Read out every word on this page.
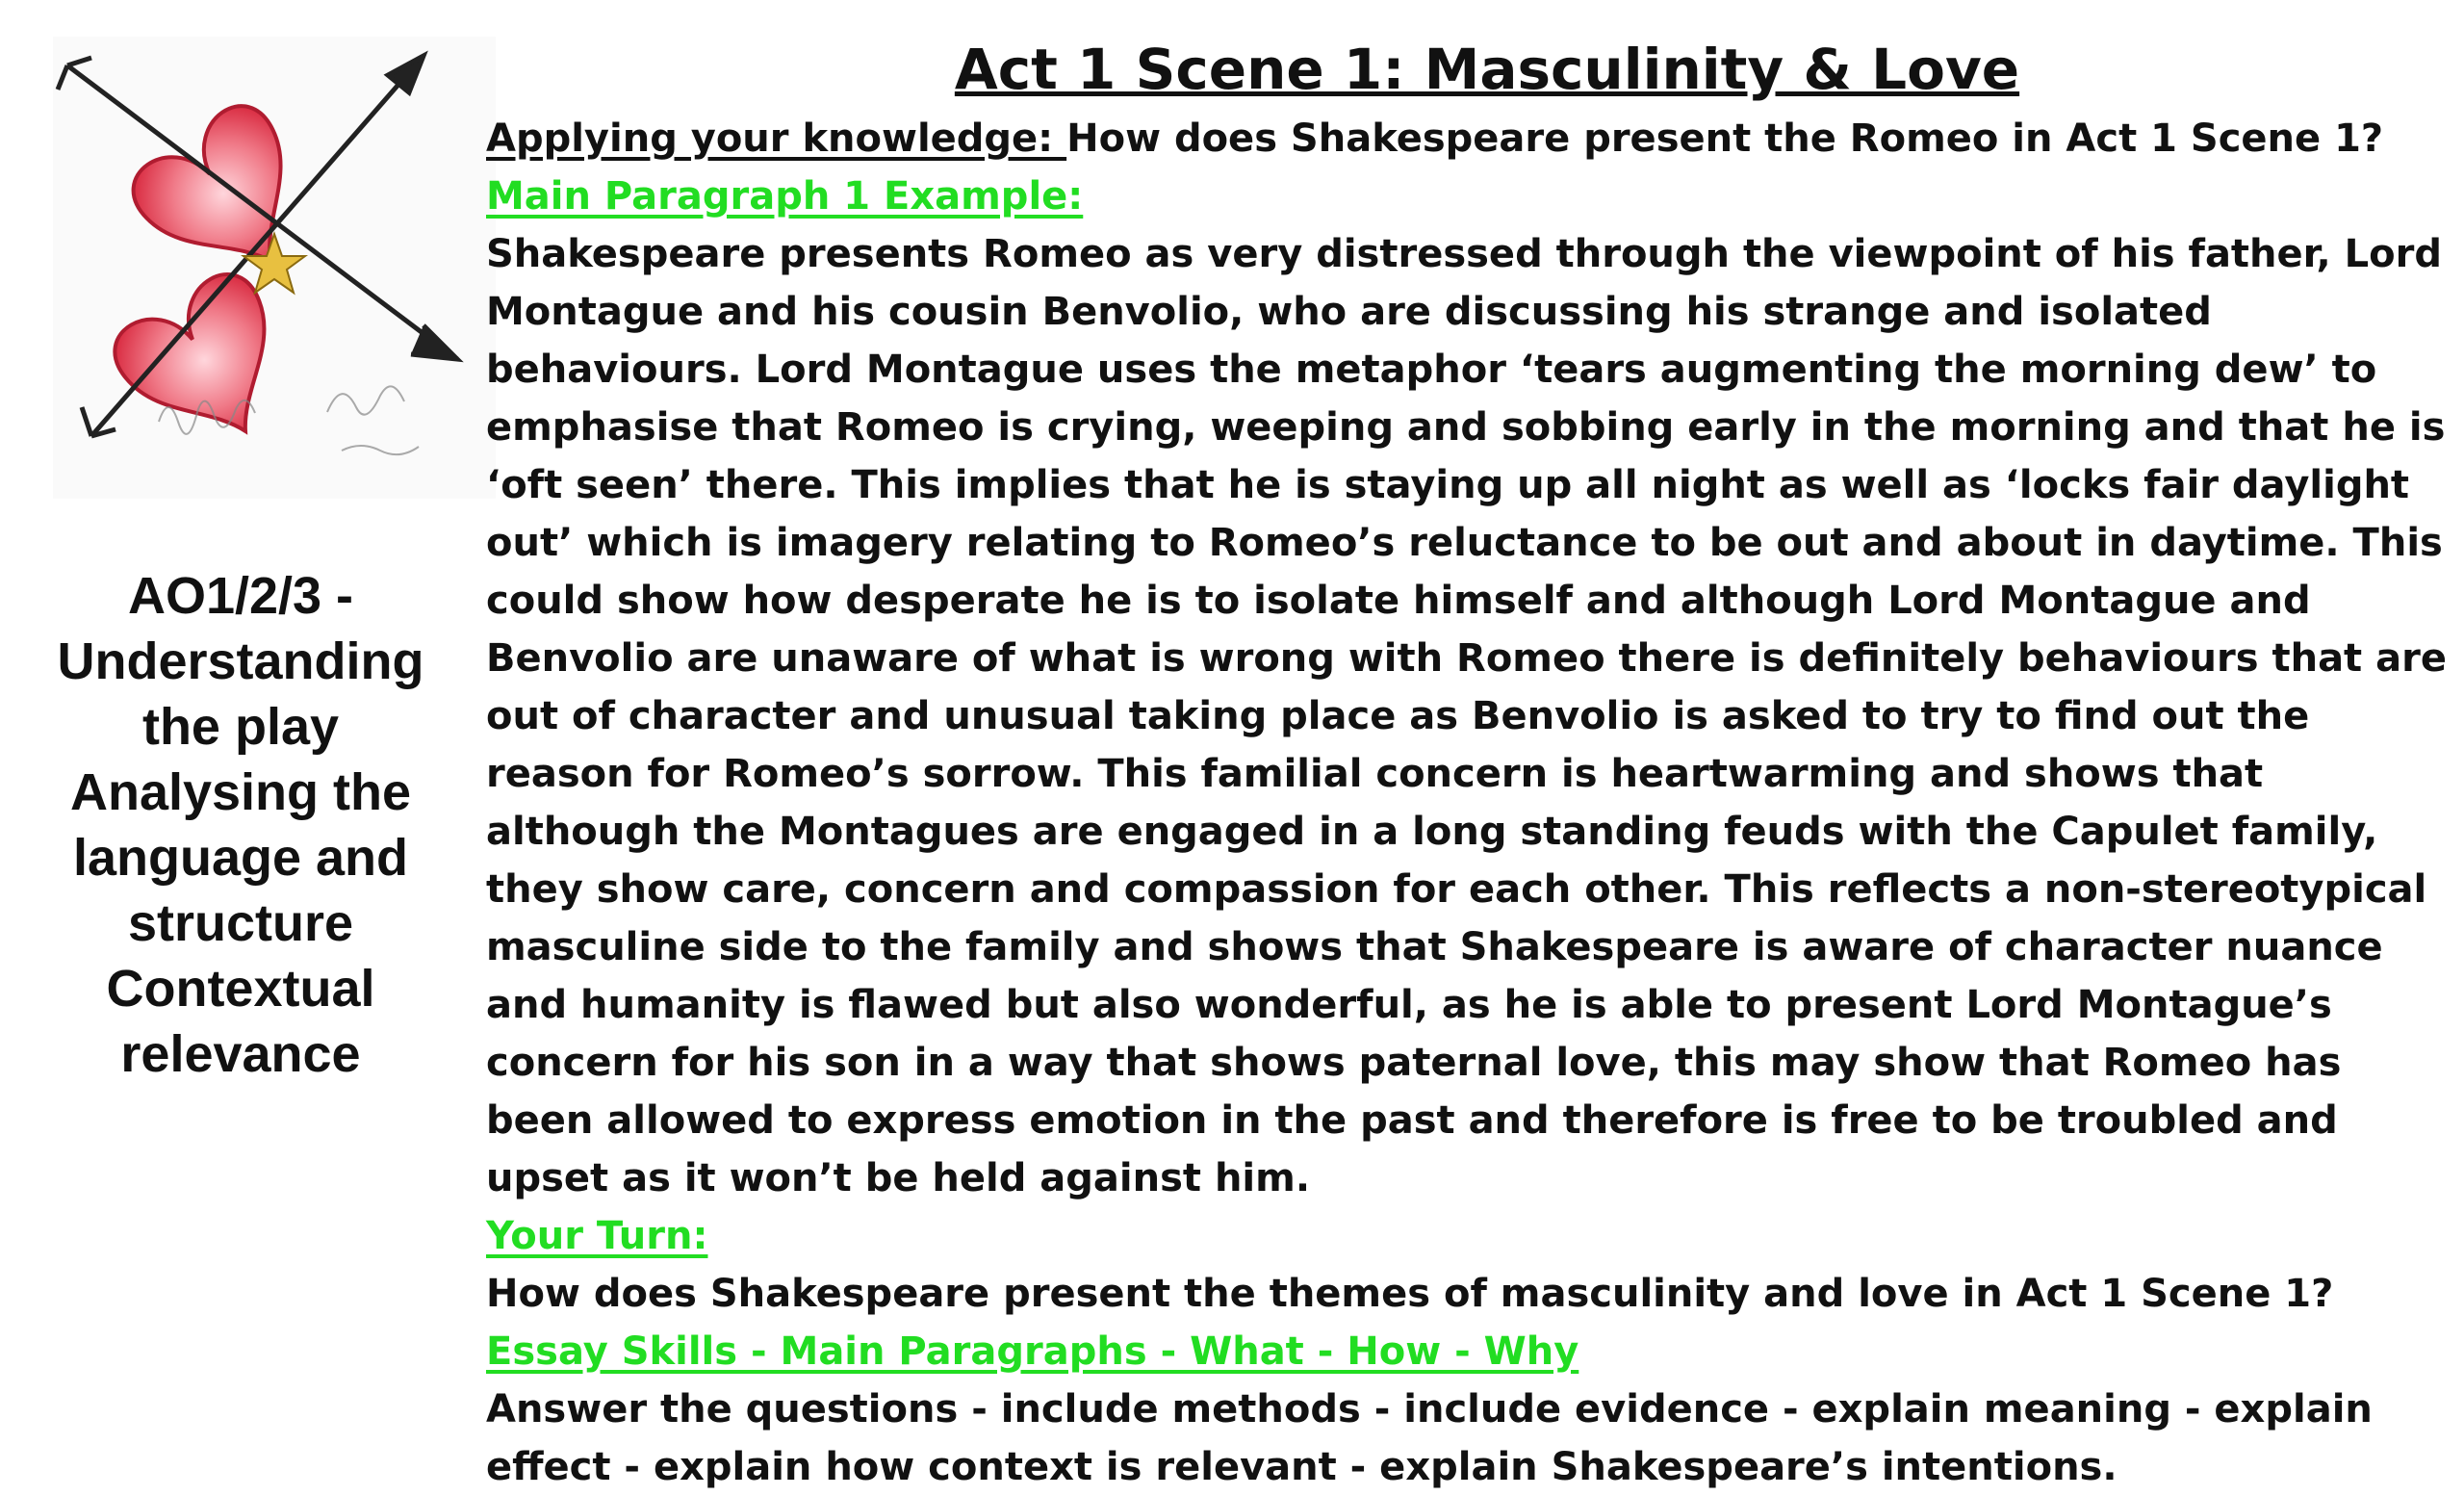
AO1/2/3 -
Understanding
the play
Analysing the
language and
structure
Contextual
relevance
Act 1 Scene 1: Masculinity & Love

Applying your knowledge: How does Shakespeare present the Romeo in Act 1 Scene 1?

Main Paragraph 1 Example:

Shakespeare presents Romeo as very distressed through the viewpoint of his father, Lord Montague and his cousin Benvolio, who are discussing his strange and isolated behaviours. Lord Montague uses the metaphor ‘tears augmenting the morning dew’ to emphasise that Romeo is crying, weeping and sobbing early in the morning and that he is ‘oft seen’ there. This implies that he is staying up all night as well as ‘locks fair daylight out’ which is imagery relating to Romeo’s reluctance to be out and about in daytime. This could show how desperate he is to isolate himself and although Lord Montague and Benvolio are unaware of what is wrong with Romeo there is definitely behaviours that are out of character and unusual taking place as Benvolio is asked to try to find out the reason for Romeo’s sorrow. This familial concern is heartwarming and shows that although the Montagues are engaged in a long standing feuds with the Capulet family, they show care, concern and compassion for each other. This reflects a non-stereotypical masculine side to the family and shows that Shakespeare is aware of character nuance and humanity is flawed but also wonderful, as he is able to present Lord Montague’s concern for his son in a way that shows paternal love, this may show that Romeo has been allowed to express emotion in the past and therefore is free to be troubled and upset as it won’t be held against him.

Your Turn:

How does Shakespeare present the themes of masculinity and love in Act 1 Scene 1?

Essay Skills - Main Paragraphs - What - How - Why

Answer the questions - include methods - include evidence - explain meaning - explain effect - explain how context is relevant - explain Shakespeare’s intentions.
